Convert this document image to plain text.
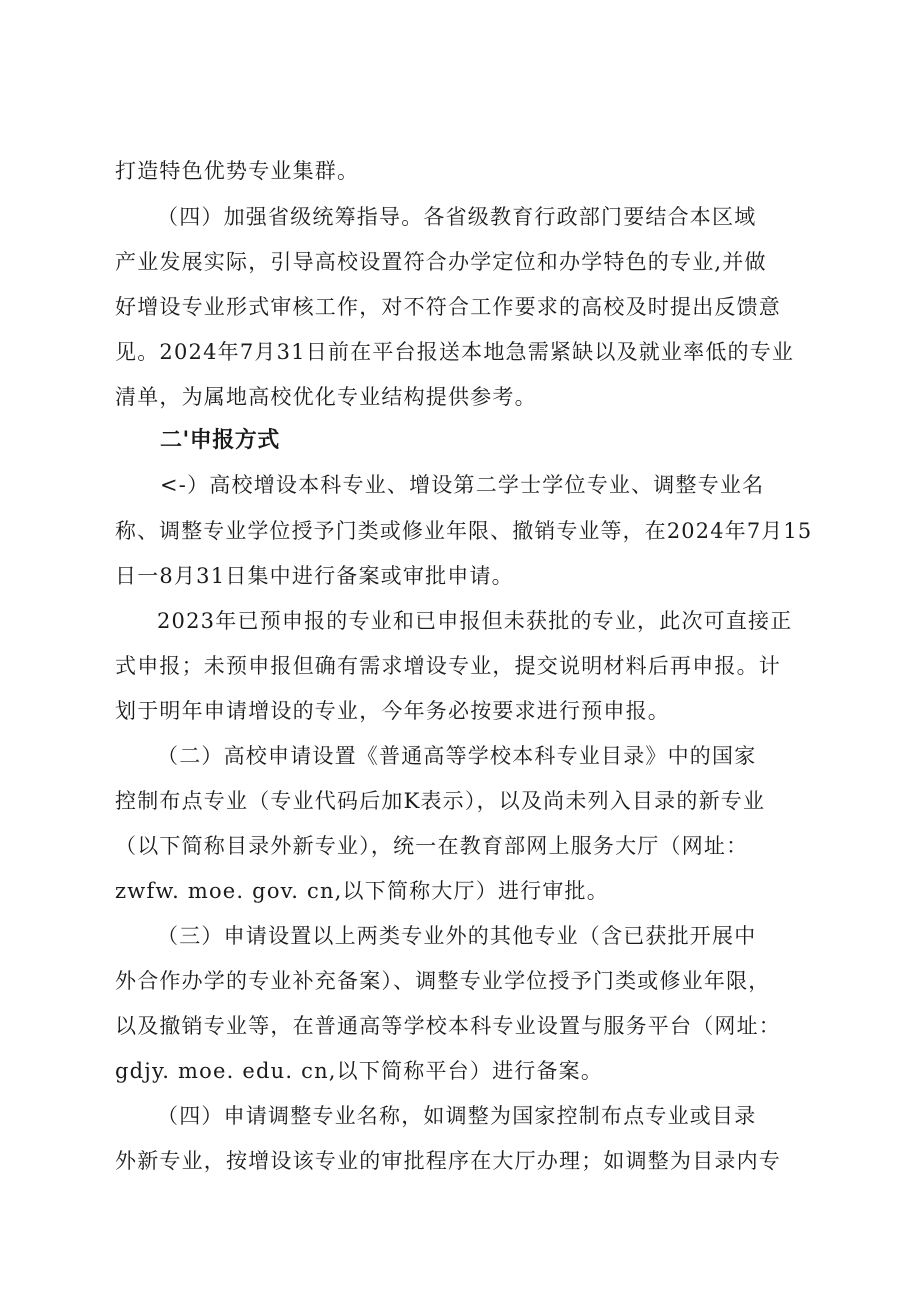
打造特色优势专业集群。
（四）加强省级统筹指导。各省级教育行政部门要结合本区域
产业发展实际，引导高校设置符合办学定位和办学特色的专业,并做
好增设专业形式审核工作，对不符合工作要求的高校及时提出反馈意
见。2024年7月31日前在平台报送本地急需紧缺以及就业率低的专业
清单，为属地高校优化专业结构提供参考。
二'申报方式
<-）高校增设本科专业、增设第二学士学位专业、调整专业名
称、调整专业学位授予门类或修业年限、撤销专业等，在2024年7月15
日一8月31日集中进行备案或审批申请。
2023年已预申报的专业和已申报但未获批的专业，此次可直接正
式申报；未预申报但确有需求增设专业，提交说明材料后再申报。计
划于明年申请增设的专业，今年务必按要求进行预申报。
（二）高校申请设置《普通高等学校本科专业目录》中的国家
控制布点专业（专业代码后加K表示），以及尚未列入目录的新专业
（以下简称目录外新专业），统一在教育部网上服务大厅（网址：
zwfw. moe. gov. cn,以下简称大厅）进行审批。
（三）申请设置以上两类专业外的其他专业（含已获批开展中
外合作办学的专业补充备案）、调整专业学位授予门类或修业年限，
以及撤销专业等，在普通高等学校本科专业设置与服务平台（网址：
gdjy. moe. edu. cn,以下简称平台）进行备案。
（四）申请调整专业名称，如调整为国家控制布点专业或目录
外新专业，按增设该专业的审批程序在大厅办理；如调整为目录内专
